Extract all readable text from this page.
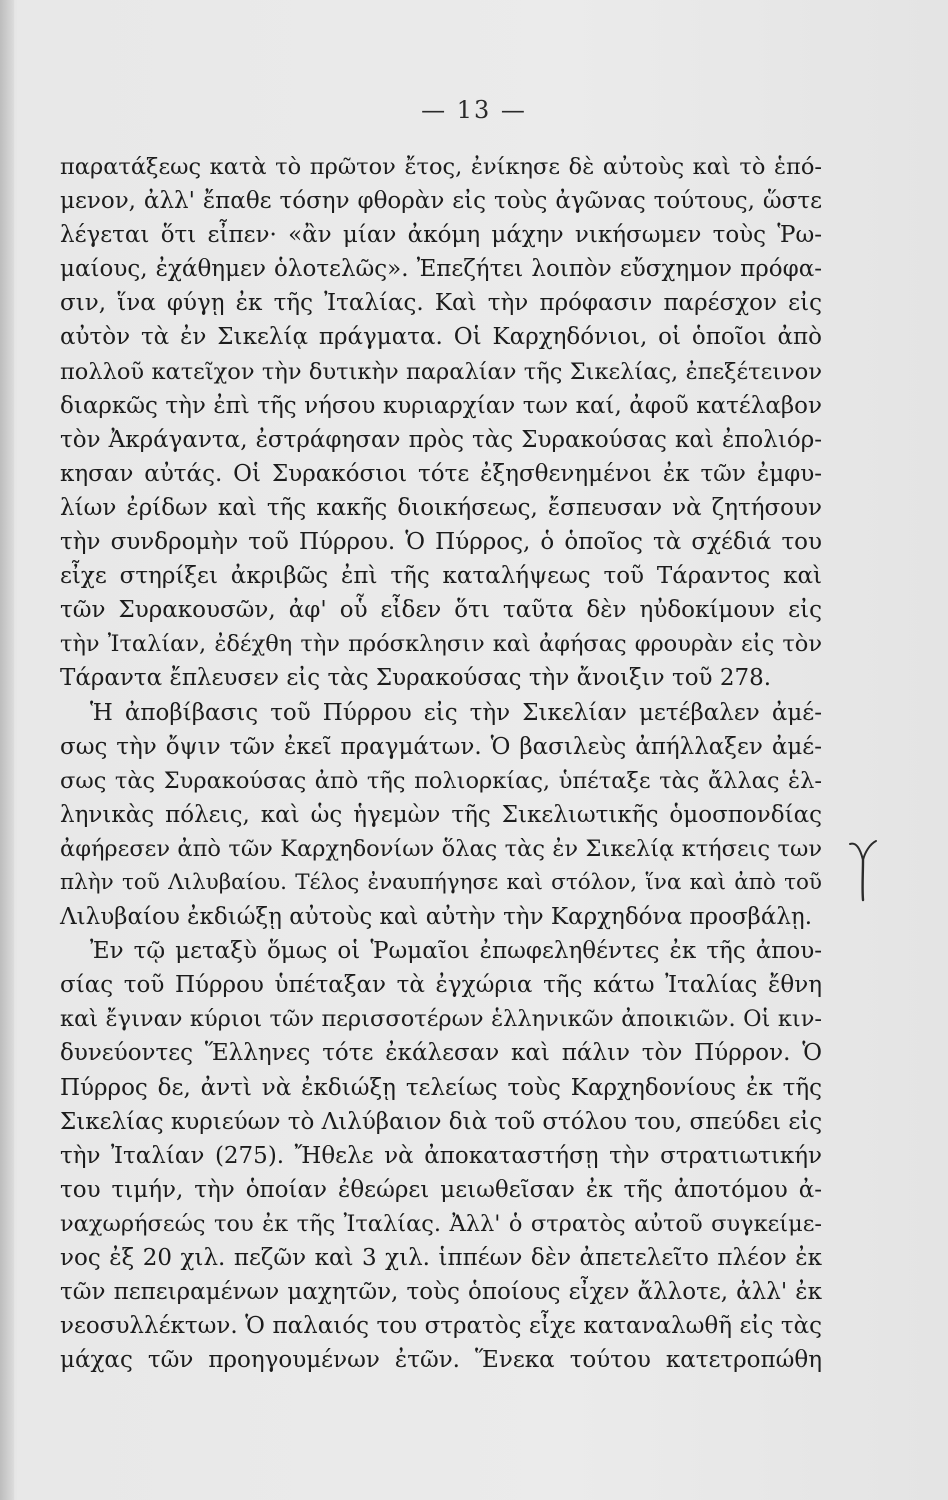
— 13 —
παρατάξεως κατὰ τὸ πρῶτον ἔτος, ἐνίκησε δὲ αὐτοὺς καὶ τὸ ἑπό-
μενον, ἀλλ' ἔπαθε τόσην φθορὰν εἰς τοὺς ἀγῶνας τούτους, ὥστε
λέγεται ὅτι εἶπεν· «ἂν μίαν ἀκόμη μάχην νικήσωμεν τοὺς Ῥω-
μαίους, ἐχάθημεν ὁλοτελῶς». Ἐπεζήτει λοιπὸν εὔσχημον πρόφα-
σιν, ἵνα φύγῃ ἐκ τῆς Ἰταλίας. Καὶ τὴν πρόφασιν παρέσχον εἰς
αὐτὸν τὰ ἐν Σικελίᾳ πράγματα. Οἱ Καρχηδόνιοι, οἱ ὁποῖοι ἀπὸ
πολλοῦ κατεῖχον τὴν δυτικὴν παραλίαν τῆς Σικελίας, ἐπεξέτεινον
διαρκῶς τὴν ἐπὶ τῆς νήσου κυριαρχίαν των καί, ἀφοῦ κατέλαβον
τὸν Ἀκράγαντα, ἐστράφησαν πρὸς τὰς Συρακούσας καὶ ἐπολιόρ-
κησαν αὐτάς. Οἱ Συρακόσιοι τότε ἐξησθενημένοι ἐκ τῶν ἐμφυ-
λίων ἐρίδων καὶ τῆς κακῆς διοικήσεως, ἔσπευσαν νὰ ζητήσουν
τὴν συνδρομὴν τοῦ Πύρρου. Ὁ Πύρρος, ὁ ὁποῖος τὰ σχέδιά του
εἶχε στηρίξει ἀκριβῶς ἐπὶ τῆς καταλήψεως τοῦ Τάραντος καὶ
τῶν Συρακουσῶν, ἀφ' οὗ εἶδεν ὅτι ταῦτα δὲν ηὐδοκίμουν εἰς
τὴν Ἰταλίαν, ἐδέχθη τὴν πρόσκλησιν καὶ ἀφήσας φρουρὰν εἰς τὸν
Τάραντα ἔπλευσεν εἰς τὰς Συρακούσας τὴν ἄνοιξιν τοῦ 278.
Ἡ ἀποβίβασις τοῦ Πύρρου εἰς τὴν Σικελίαν μετέβαλεν ἀμέ-
σως τὴν ὄψιν τῶν ἐκεῖ πραγμάτων. Ὁ βασιλεὺς ἀπήλλαξεν ἀμέ-
σως τὰς Συρακούσας ἀπὸ τῆς πολιορκίας, ὑπέταξε τὰς ἄλλας ἑλ-
ληνικὰς πόλεις, καὶ ὡς ἡγεμὼν τῆς Σικελιωτικῆς ὁμοσπονδίας
ἀφήρεσεν ἀπὸ τῶν Καρχηδονίων ὅλας τὰς ἐν Σικελίᾳ κτήσεις των
πλὴν τοῦ Λιλυβαίου. Τέλος ἐναυπήγησε καὶ στόλον, ἵνα καὶ ἀπὸ τοῦ
Λιλυβαίου ἐκδιώξῃ αὐτοὺς καὶ αὐτὴν τὴν Καρχηδόνα προσβάλῃ.
Ἐν τῷ μεταξὺ ὅμως οἱ Ῥωμαῖοι ἐπωφεληθέντες ἐκ τῆς ἀπου-
σίας τοῦ Πύρρου ὑπέταξαν τὰ ἐγχώρια τῆς κάτω Ἰταλίας ἔθνη
καὶ ἔγιναν κύριοι τῶν περισσοτέρων ἑλληνικῶν ἀποικιῶν. Οἱ κιν-
δυνεύοντες Ἕλληνες τότε ἐκάλεσαν καὶ πάλιν τὸν Πύρρον. Ὁ
Πύρρος δε, ἀντὶ νὰ ἐκδιώξῃ τελείως τοὺς Καρχηδονίους ἐκ τῆς
Σικελίας κυριεύων τὸ Λιλύβαιον διὰ τοῦ στόλου του, σπεύδει εἰς
τὴν Ἰταλίαν (275). Ἤθελε νὰ ἀποκαταστήσῃ τὴν στρατιωτικήν
του τιμήν, τὴν ὁποίαν ἐθεώρει μειωθεῖσαν ἐκ τῆς ἀποτόμου ἀ-
ναχωρήσεώς του ἐκ τῆς Ἰταλίας. Ἀλλ' ὁ στρατὸς αὐτοῦ συγκείμε-
νος ἐξ 20 χιλ. πεζῶν καὶ 3 χιλ. ἱππέων δὲν ἀπετελεῖτο πλέον ἐκ
τῶν πεπειραμένων μαχητῶν, τοὺς ὁποίους εἶχεν ἄλλοτε, ἀλλ' ἐκ
νεοσυλλέκτων. Ὁ παλαιός του στρατὸς εἶχε καταναλωθῆ εἰς τὰς
μάχας τῶν προηγουμένων ἐτῶν. Ἕνεκα τούτου κατετροπώθη
